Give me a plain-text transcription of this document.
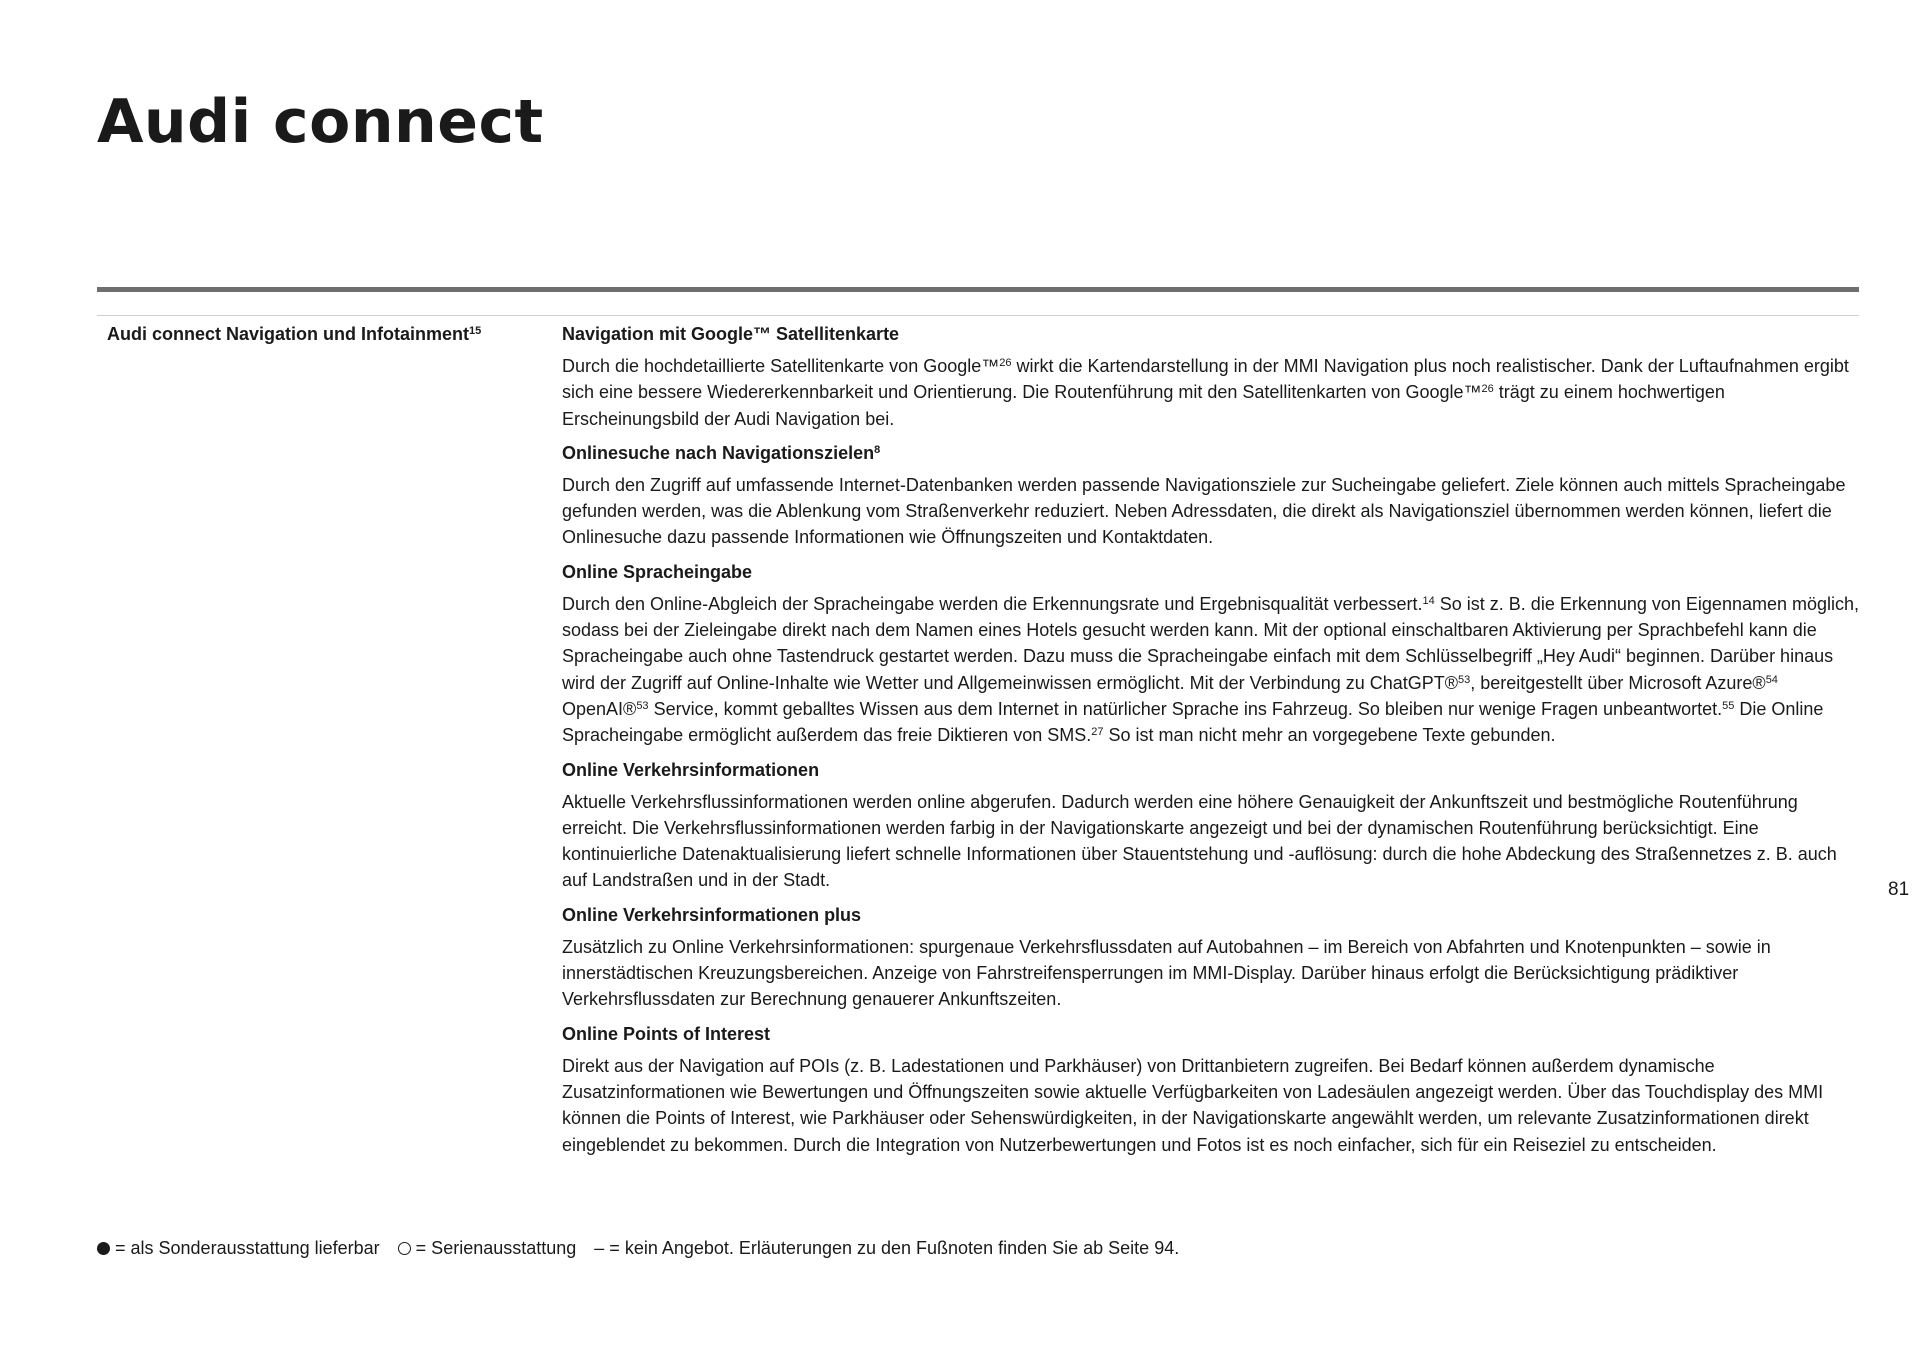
Audi connect

Audi connect Navigation und Infotainment$^{15}$	Navigation mit Google™ Satellitenkarte

Durch die hochdetaillierte Satellitenkarte von Google™$^{26}$ wirkt die Kartendarstellung in der MMI Navigation plus noch realistischer. Dank der Luftaufnahmen ergibt sich eine bessere Wiedererkennbarkeit und Orientierung. Die Routenführung mit den Satellitenkarten von Google™$^{26}$ trägt zu einem hochwertigen Erscheinungsbild der Audi Navigation bei.

Onlinesuche nach Navigationszielen$^8$

Durch den Zugriff auf umfassende Internet-Datenbanken werden passende Navigationsziele zur Sucheingabe geliefert. Ziele können auch mittels Spracheingabe gefunden werden, was die Ablenkung vom Straßenverkehr reduziert. Neben Adressdaten, die direkt als Navigationsziel übernommen werden können, liefert die Onlinesuche dazu passende Informationen wie Öffnungszeiten und Kontaktdaten.

Online Spracheingabe

Durch den Online-Abgleich der Spracheingabe werden die Erkennungsrate und Ergebnisqualität verbessert.$^{14}$ So ist z. B. die Erkennung von Eigennamen möglich, sodass bei der Zieleingabe direkt nach dem Namen eines Hotels gesucht werden kann. Mit der optional einschaltbaren Aktivierung per Sprachbefehl kann die Spracheingabe auch ohne Tastendruck gestartet werden. Dazu muss die Spracheingabe einfach mit dem Schlüsselbegriff „Hey Audi“ beginnen. Darüber hinaus wird der Zugriff auf Online-Inhalte wie Wetter und Allgemeinwissen ermöglicht. Mit der Verbindung zu ChatGPT®$^{53}$, bereitgestellt über Microsoft Azure®$^{54}$ OpenAI®$^{53}$ Service, kommt geballtes Wissen aus dem Internet in natürlicher Sprache ins Fahrzeug. So bleiben nur wenige Fragen unbeantwortet.$^{55}$ Die Online Spracheingabe ermöglicht außerdem das freie Diktieren von SMS.$^{27}$ So ist man nicht mehr an vorgegebene Texte gebunden.

Online Verkehrsinformationen

Aktuelle Verkehrsflussinformationen werden online abgerufen. Dadurch werden eine höhere Genauigkeit der Ankunftszeit und bestmögliche Routenführung erreicht. Die Verkehrsflussinformationen werden farbig in der Navigationskarte angezeigt und bei der dynamischen Routenführung berücksichtigt. Eine kontinuierliche Datenaktualisierung liefert schnelle Informationen über Stauentstehung und -auflösung: durch die hohe Abdeckung des Straßennetzes z. B. auch auf Landstraßen und in der Stadt.

Online Verkehrsinformationen plus

Zusätzlich zu Online Verkehrsinformationen: spurgenaue Verkehrsflussdaten auf Autobahnen – im Bereich von Abfahrten und Knotenpunkten – sowie in innerstädtischen Kreuzungsbereichen. Anzeige von Fahrstreifensperrungen im MMI-Display. Darüber hinaus erfolgt die Berücksichtigung prädiktiver Verkehrsflussdaten zur Berechnung genauerer Ankunftszeiten.

Online Points of Interest

Direkt aus der Navigation auf POIs (z. B. Ladestationen und Parkhäuser) von Drittanbietern zugreifen. Bei Bedarf können außerdem dynamische Zusatzinformationen wie Bewertungen und Öffnungszeiten sowie aktuelle Verfügbarkeiten von Ladesäulen angezeigt werden. Über das Touchdisplay des MMI können die Points of Interest, wie Parkhäuser oder Sehenswürdigkeiten, in der Navigationskarte angewählt werden, um relevante Zusatzinformationen direkt eingeblendet zu bekommen. Durch die Integration von Nutzerbewertungen und Fotos ist es noch einfacher, sich für ein Reiseziel zu entscheiden.

81
= als Sonderausstattung lieferbar = Serienausstattung – = kein Angebot. Erläuterungen zu den Fußnoten finden Sie ab Seite 94.
